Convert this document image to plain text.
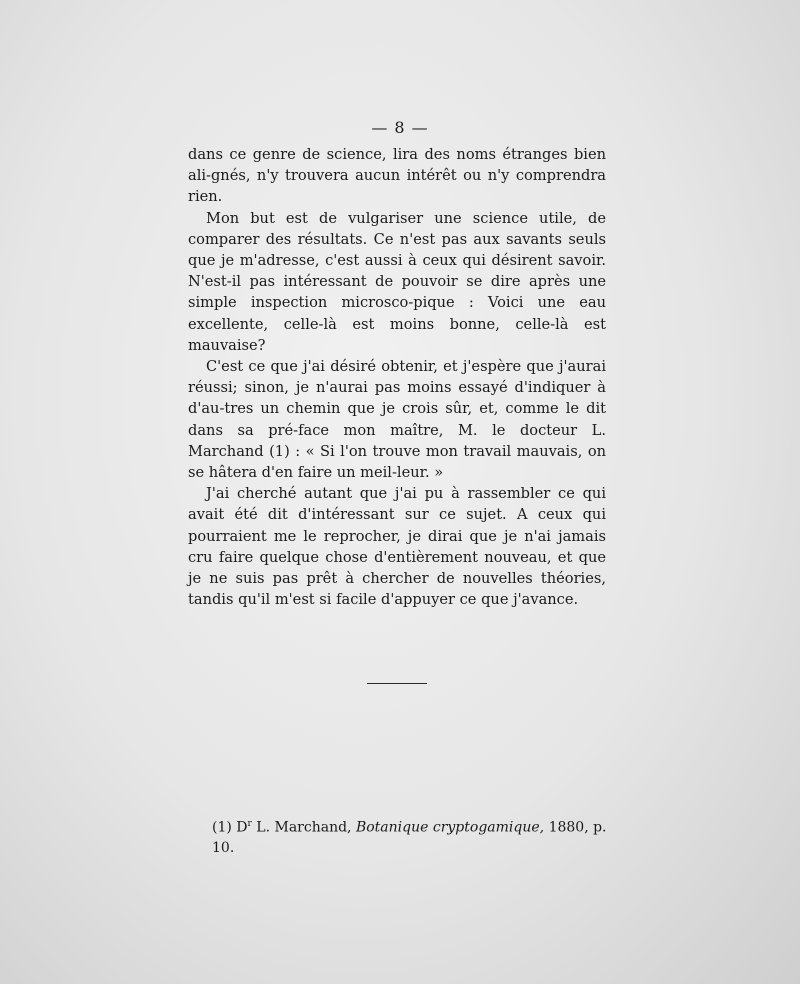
— 8 —

dans ce genre de science, lira des noms étranges bien ali-gnés, n'y trouvera aucun intérêt ou n'y comprendra rien.

Mon but est de vulgariser une science utile, de comparer des résultats. Ce n'est pas aux savants seuls que je m'adresse, c'est aussi à ceux qui désirent savoir. N'est-il pas intéressant de pouvoir se dire après une simple inspection microsco-pique : Voici une eau excellente, celle-là est moins bonne, celle-là est mauvaise?

C'est ce que j'ai désiré obtenir, et j'espère que j'aurai réussi; sinon, je n'aurai pas moins essayé d'indiquer à d'au-tres un chemin que je crois sûr, et, comme le dit dans sa pré-face mon maître, M. le docteur L. Marchand (1) : « Si l'on trouve mon travail mauvais, on se hâtera d'en faire un meil-leur. »

J'ai cherché autant que j'ai pu à rassembler ce qui avait été dit d'intéressant sur ce sujet. A ceux qui pourraient me le reprocher, je dirai que je n'ai jamais cru faire quelque chose d'entièrement nouveau, et que je ne suis pas prêt à chercher de nouvelles théories, tandis qu'il m'est si facile d'appuyer ce que j'avance.

(1) $D^r$ L. Marchand, Botanique cryptogamique, 1880, p. 10.
